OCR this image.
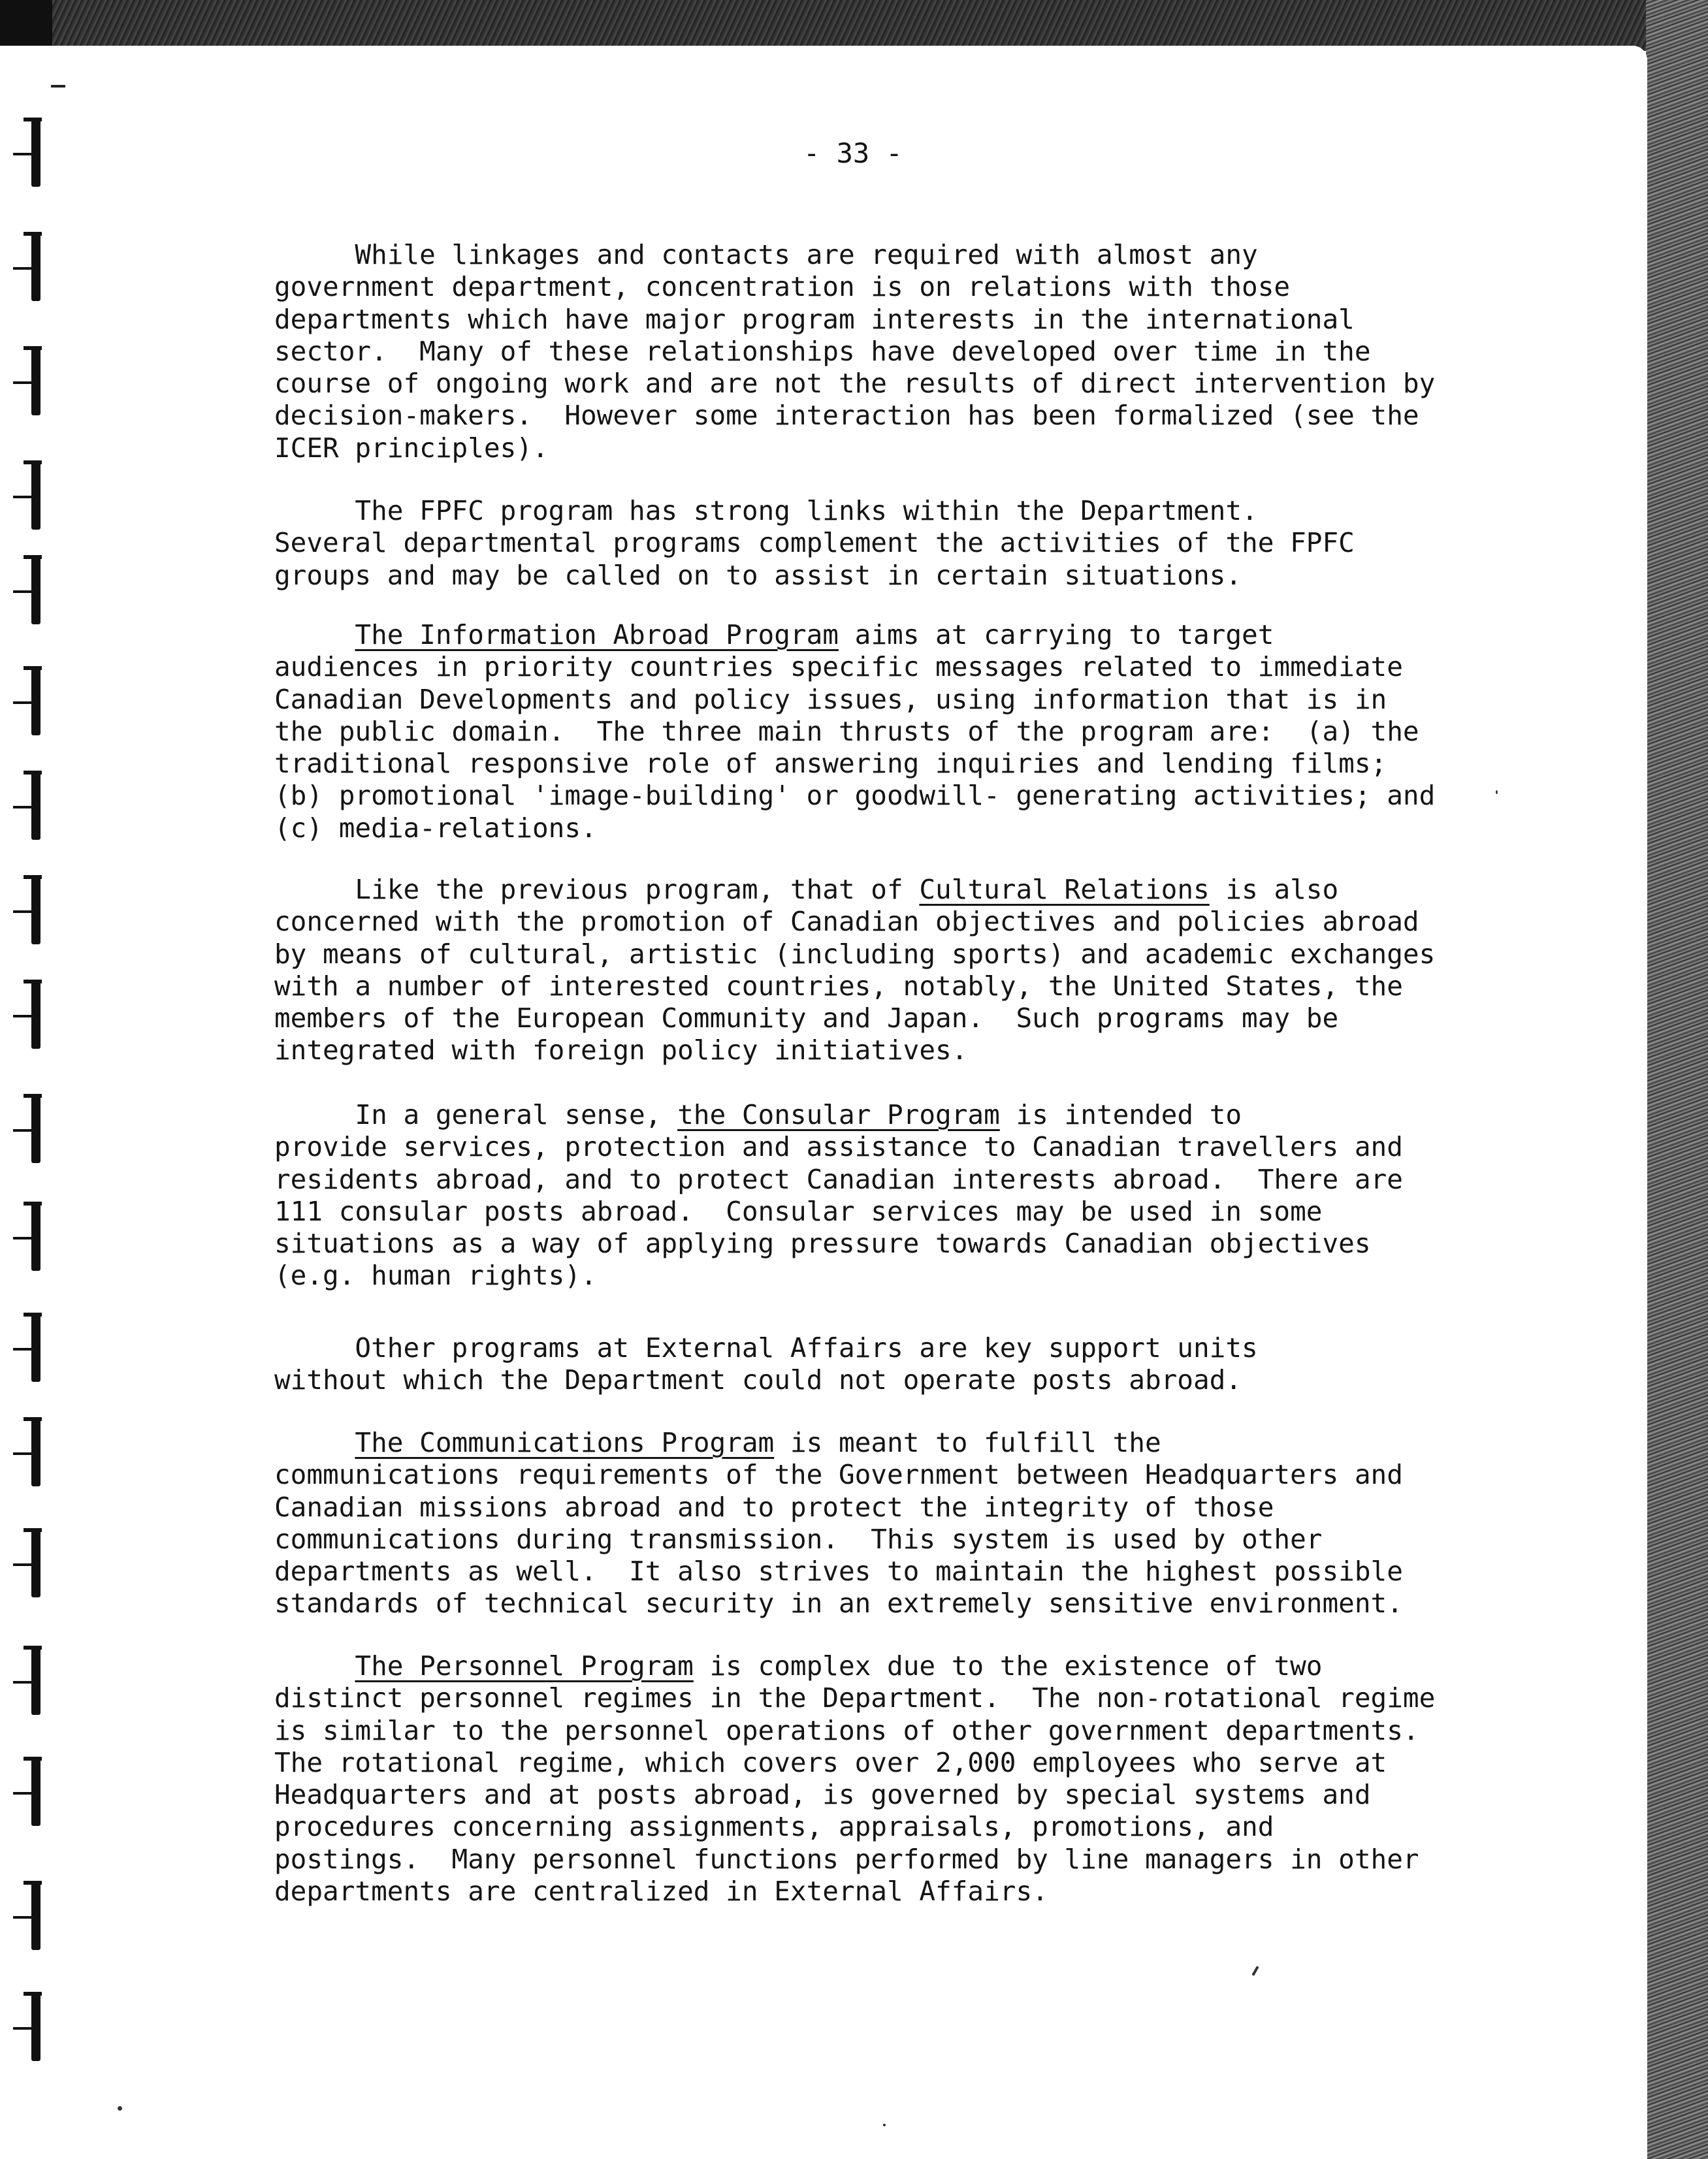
- 33 -
While linkages and contacts are required with almost any
government department, concentration is on relations with those
departments which have major program interests in the international
sector.  Many of these relationships have developed over time in the
course of ongoing work and are not the results of direct intervention by
decision-makers.  However some interaction has been formalized (see the
ICER principles).
The FPFC program has strong links within the Department.
Several departmental programs complement the activities of the FPFC
groups and may be called on to assist in certain situations.
The Information Abroad Program aims at carrying to target
audiences in priority countries specific messages related to immediate
Canadian Developments and policy issues, using information that is in
the public domain.  The three main thrusts of the program are:  (a) the
traditional responsive role of answering inquiries and lending films;
(b) promotional 'image-building' or goodwill- generating activities; and
(c) media-relations.
Like the previous program, that of Cultural Relations is also
concerned with the promotion of Canadian objectives and policies abroad
by means of cultural, artistic (including sports) and academic exchanges
with a number of interested countries, notably, the United States, the
members of the European Community and Japan.  Such programs may be
integrated with foreign policy initiatives.
In a general sense, the Consular Program is intended to
provide services, protection and assistance to Canadian travellers and
residents abroad, and to protect Canadian interests abroad.  There are
111 consular posts abroad.  Consular services may be used in some
situations as a way of applying pressure towards Canadian objectives
(e.g. human rights).
Other programs at External Affairs are key support units
without which the Department could not operate posts abroad.
The Communications Program is meant to fulfill the
communications requirements of the Government between Headquarters and
Canadian missions abroad and to protect the integrity of those
communications during transmission.  This system is used by other
departments as well.  It also strives to maintain the highest possible
standards of technical security in an extremely sensitive environment.
The Personnel Program is complex due to the existence of two
distinct personnel regimes in the Department.  The non-rotational regime
is similar to the personnel operations of other government departments.
The rotational regime, which covers over 2,000 employees who serve at
Headquarters and at posts abroad, is governed by special systems and
procedures concerning assignments, appraisals, promotions, and
postings.  Many personnel functions performed by line managers in other
departments are centralized in External Affairs.
